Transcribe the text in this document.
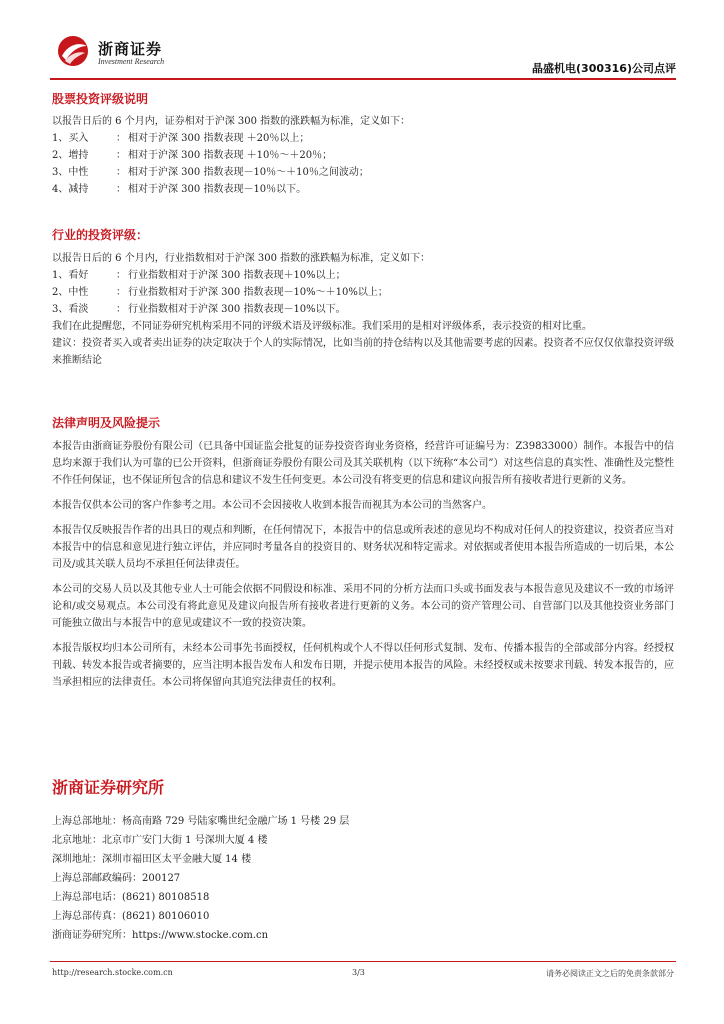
浙商证券
Investment Research
晶盛机电(300316)公司点评
股票投资评级说明

以报告日后的 6 个月内，证券相对于沪深 300 指数的涨跌幅为标准，定义如下：

1、买入	： 相对于沪深 300 指数表现 ＋20％以上；
2、增持	： 相对于沪深 300 指数表现 ＋10％～＋20％；
3、中性	： 相对于沪深 300 指数表现－10％～＋10％之间波动；
4、减持	： 相对于沪深 300 指数表现－10％以下。
行业的投资评级：

以报告日后的 6 个月内，行业指数相对于沪深 300 指数的涨跌幅为标准，定义如下：

1、看好	： 行业指数相对于沪深 300 指数表现＋10%以上；
2、中性	： 行业指数相对于沪深 300 指数表现－10%～＋10%以上；
3、看淡	： 行业指数相对于沪深 300 指数表现－10%以下。

我们在此提醒您，不同证券研究机构采用不同的评级术语及评级标准。我们采用的是相对评级体系，表示投资的相对比重。

建议：投资者买入或者卖出证券的决定取决于个人的实际情况，比如当前的持仓结构以及其他需要考虑的因素。投资者不应仅仅依靠投资评级来推断结论

法律声明及风险提示

本报告由浙商证券股份有限公司（已具备中国证监会批复的证券投资咨询业务资格，经营许可证编号为：Z39833000）制作。本报告中的信息均来源于我们认为可靠的已公开资料，但浙商证券股份有限公司及其关联机构（以下统称“本公司”）对这些信息的真实性、准确性及完整性不作任何保证，也不保证所包含的信息和建议不发生任何变更。本公司没有将变更的信息和建议向报告所有接收者进行更新的义务。

本报告仅供本公司的客户作参考之用。本公司不会因接收人收到本报告而视其为本公司的当然客户。

本报告仅反映报告作者的出具日的观点和判断，在任何情况下，本报告中的信息或所表述的意见均不构成对任何人的投资建议，投资者应当对本报告中的信息和意见进行独立评估，并应同时考量各自的投资目的、财务状况和特定需求。对依据或者使用本报告所造成的一切后果，本公司及/或其关联人员均不承担任何法律责任。

本公司的交易人员以及其他专业人士可能会依据不同假设和标准、采用不同的分析方法而口头或书面发表与本报告意见及建议不一致的市场评论和/或交易观点。本公司没有将此意见及建议向报告所有接收者进行更新的义务。本公司的资产管理公司、自营部门以及其他投资业务部门可能独立做出与本报告中的意见或建议不一致的投资决策。

本报告版权均归本公司所有，未经本公司事先书面授权，任何机构或个人不得以任何形式复制、发布、传播本报告的全部或部分内容。经授权刊载、转发本报告或者摘要的，应当注明本报告发布人和发布日期，并提示使用本报告的风险。未经授权或未按要求刊载、转发本报告的，应当承担相应的法律责任。本公司将保留向其追究法律责任的权利。

浙商证券研究所
上海总部地址：杨高南路 729 号陆家嘴世纪金融广场 1 号楼 29 层
北京地址：北京市广安门大街 1 号深圳大厦 4 楼
深圳地址：深圳市福田区太平金融大厦 14 楼
上海总部邮政编码：200127
上海总部电话：(8621) 80108518
上海总部传真：(8621) 80106010
浙商证券研究所：https://www.stocke.com.cn
http://research.stocke.com.cn	3/3	请务必阅读正文之后的免责条款部分
